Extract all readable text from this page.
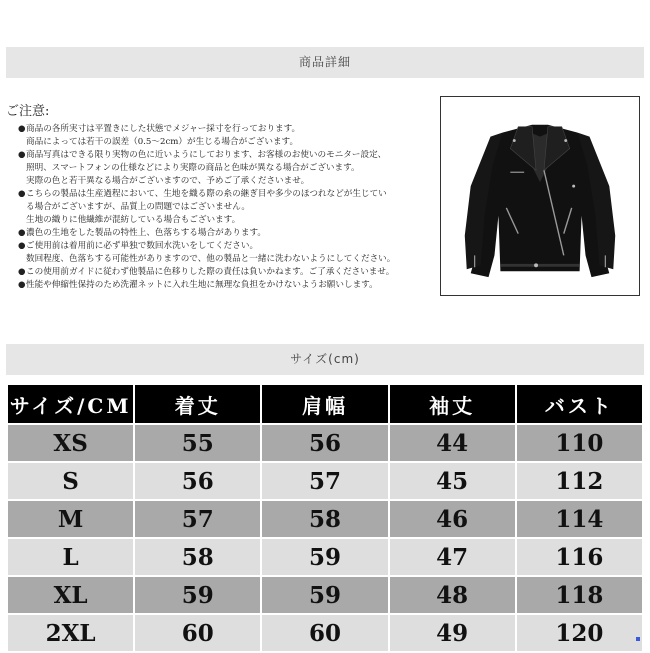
商品詳細
ご注意:
●商品の各所実寸は平置きにした状態でメジャー採寸を行っております。
商品によっては若干の誤差（0.5～2cm）が生じる場合がございます。
●商品写真はできる限り実物の色に近いようにしております、お客様のお使いのモニター設定、
照明、スマートフォンの仕様などにより実際の商品と色味が異なる場合がございます。
実際の色と若干異なる場合がございますので、予めご了承くださいませ。
●こちらの製品は生産過程において、生地を織る際の糸の継ぎ目や多少のほつれなどが生じてい
る場合がございますが、品質上の問題ではございません。
生地の織りに他繊維が混紡している場合もございます。
●濃色の生地をした製品の特性上、色落ちする場合があります。
●ご使用前は着用前に必ず単独で数回水洗いをしてください。
数回程度、色落ちする可能性がありますので、他の製品と一緒に洗わないようにしてください。
●この使用前ガイドに従わず他製品に色移りした際の責任は負いかねます。ご了承くださいませ。
●性能や伸縮性保持のため洗濯ネットに入れ生地に無理な負担をかけないようお願いします。
サイズ(cm)
サイズ/CM	着丈	肩幅	袖丈	バスト
XS	55	56	44	110
S	56	57	45	112
M	57	58	46	114
L	58	59	47	116
XL	59	59	48	118
2XL	60	60	49	120
